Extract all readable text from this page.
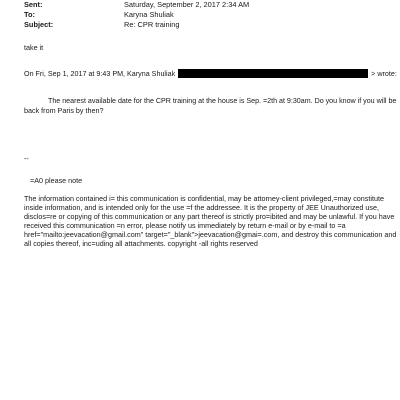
Sent:	Saturday, September 2, 2017 2:34 AM
To:	Karyna Shuliak
Subject:	Re: CPR training
take it
On Fri, Sep 1, 2017 at 9:43 PM, Karyna Shuliak	> wrote:
The nearest available date for the CPR training at the house is Sep. =2th at 9:30am. Do you know if you will be
back from Paris by then?
--
=A0 please note
The information contained i= this communication is confidential, may be attorney-client privileged,=may constitute
inside information, and is intended only for the use =f the addressee. It is the property of JEE Unauthorized use,
disclos=re or copying of this communication or any part thereof is strictly pro=ibited and may be unlawful. If you have
received this communication =n error, please notify us immediately by return e-mail or by e-mail to =a
href="mailto:jeevacation@gmail.com" target="_blank">jeevacation@gmai=.com, and destroy this communication and
all copies thereof, inc=uding all attachments. copyright -all rights reserved
